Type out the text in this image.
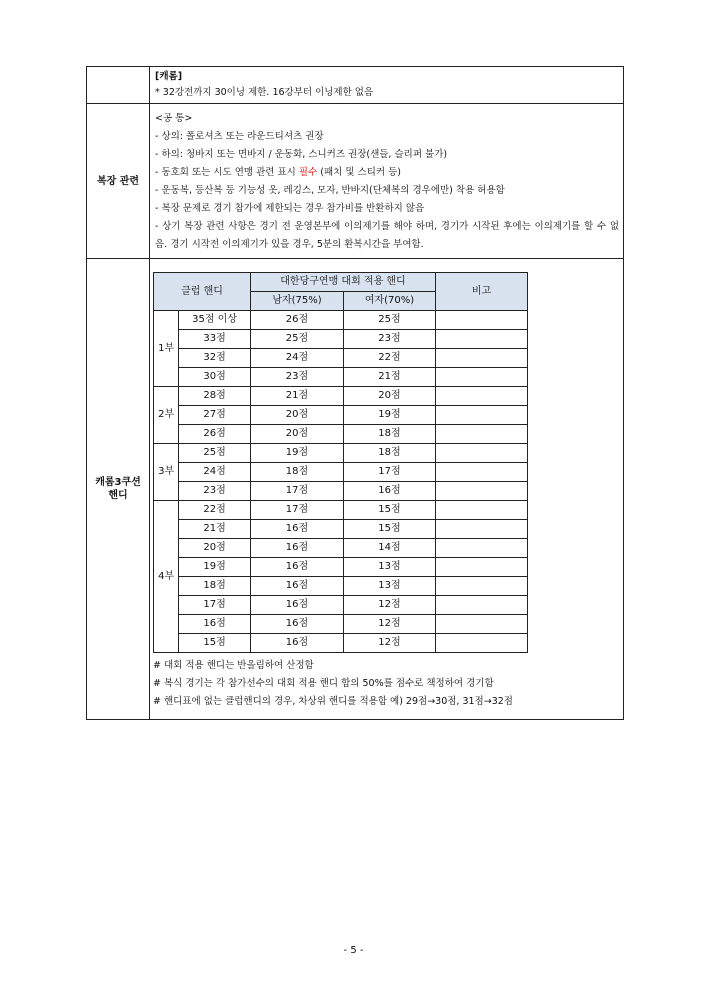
[캐롬]
* 32강전까지 30이닝 제한. 16강부터 이닝제한 없음

복장 관련	
<공 통>
- 상의: 폴로셔츠 또는 라운드티셔츠 권장
- 하의: 청바지 또는 면바지 / 운동화, 스니커즈 권장(샌들, 슬리퍼 불가)
- 동호회 또는 시도 연맹 관련 표시 필수 (패치 및 스티커 등)
- 운동복, 등산복 등 기능성 옷, 레깅스, 모자, 반바지(단체복의 경우에만) 착용 허용함
- 복장 문제로 경기 참가에 제한되는 경우 참가비를 반환하지 않음
- 상기 복장 관련 사항은 경기 전 운영본부에 이의제기를 해야 하며, 경기가 시작된 후에는 이의제기를 할 수 없음. 경기 시작전 이의제기가 있을 경우, 5분의 환복시간을 부여함.

캐롬3쿠션
핸디

클럽 핸디	대한당구연맹 대회 적용 핸디	비고
남자(75%)	여자(70%)
1부	35점 이상	26점	25점	
33점	25점	23점	
32점	24점	22점	
30점	23점	21점	
2부	28점	21점	20점	
27점	20점	19점	
26점	20점	18점	
3부	25점	19점	18점	
24점	18점	17점	
23점	17점	16점	
4부	22점	17점	15점	
21점	16점	15점	
20점	16점	14점	
19점	16점	13점	
18점	16점	13점	
17점	16점	12점	
16점	16점	12점	
15점	16점	12점	
# 대회 적용 핸디는 반올림하여 산정함
# 복식 경기는 각 참가선수의 대회 적용 핸디 합의 50%를 점수로 책정하여 경기함
# 핸디표에 없는 클럽핸디의 경우, 차상위 핸디를 적용함 예) 29점→30점, 31점→32점
- 5 -
